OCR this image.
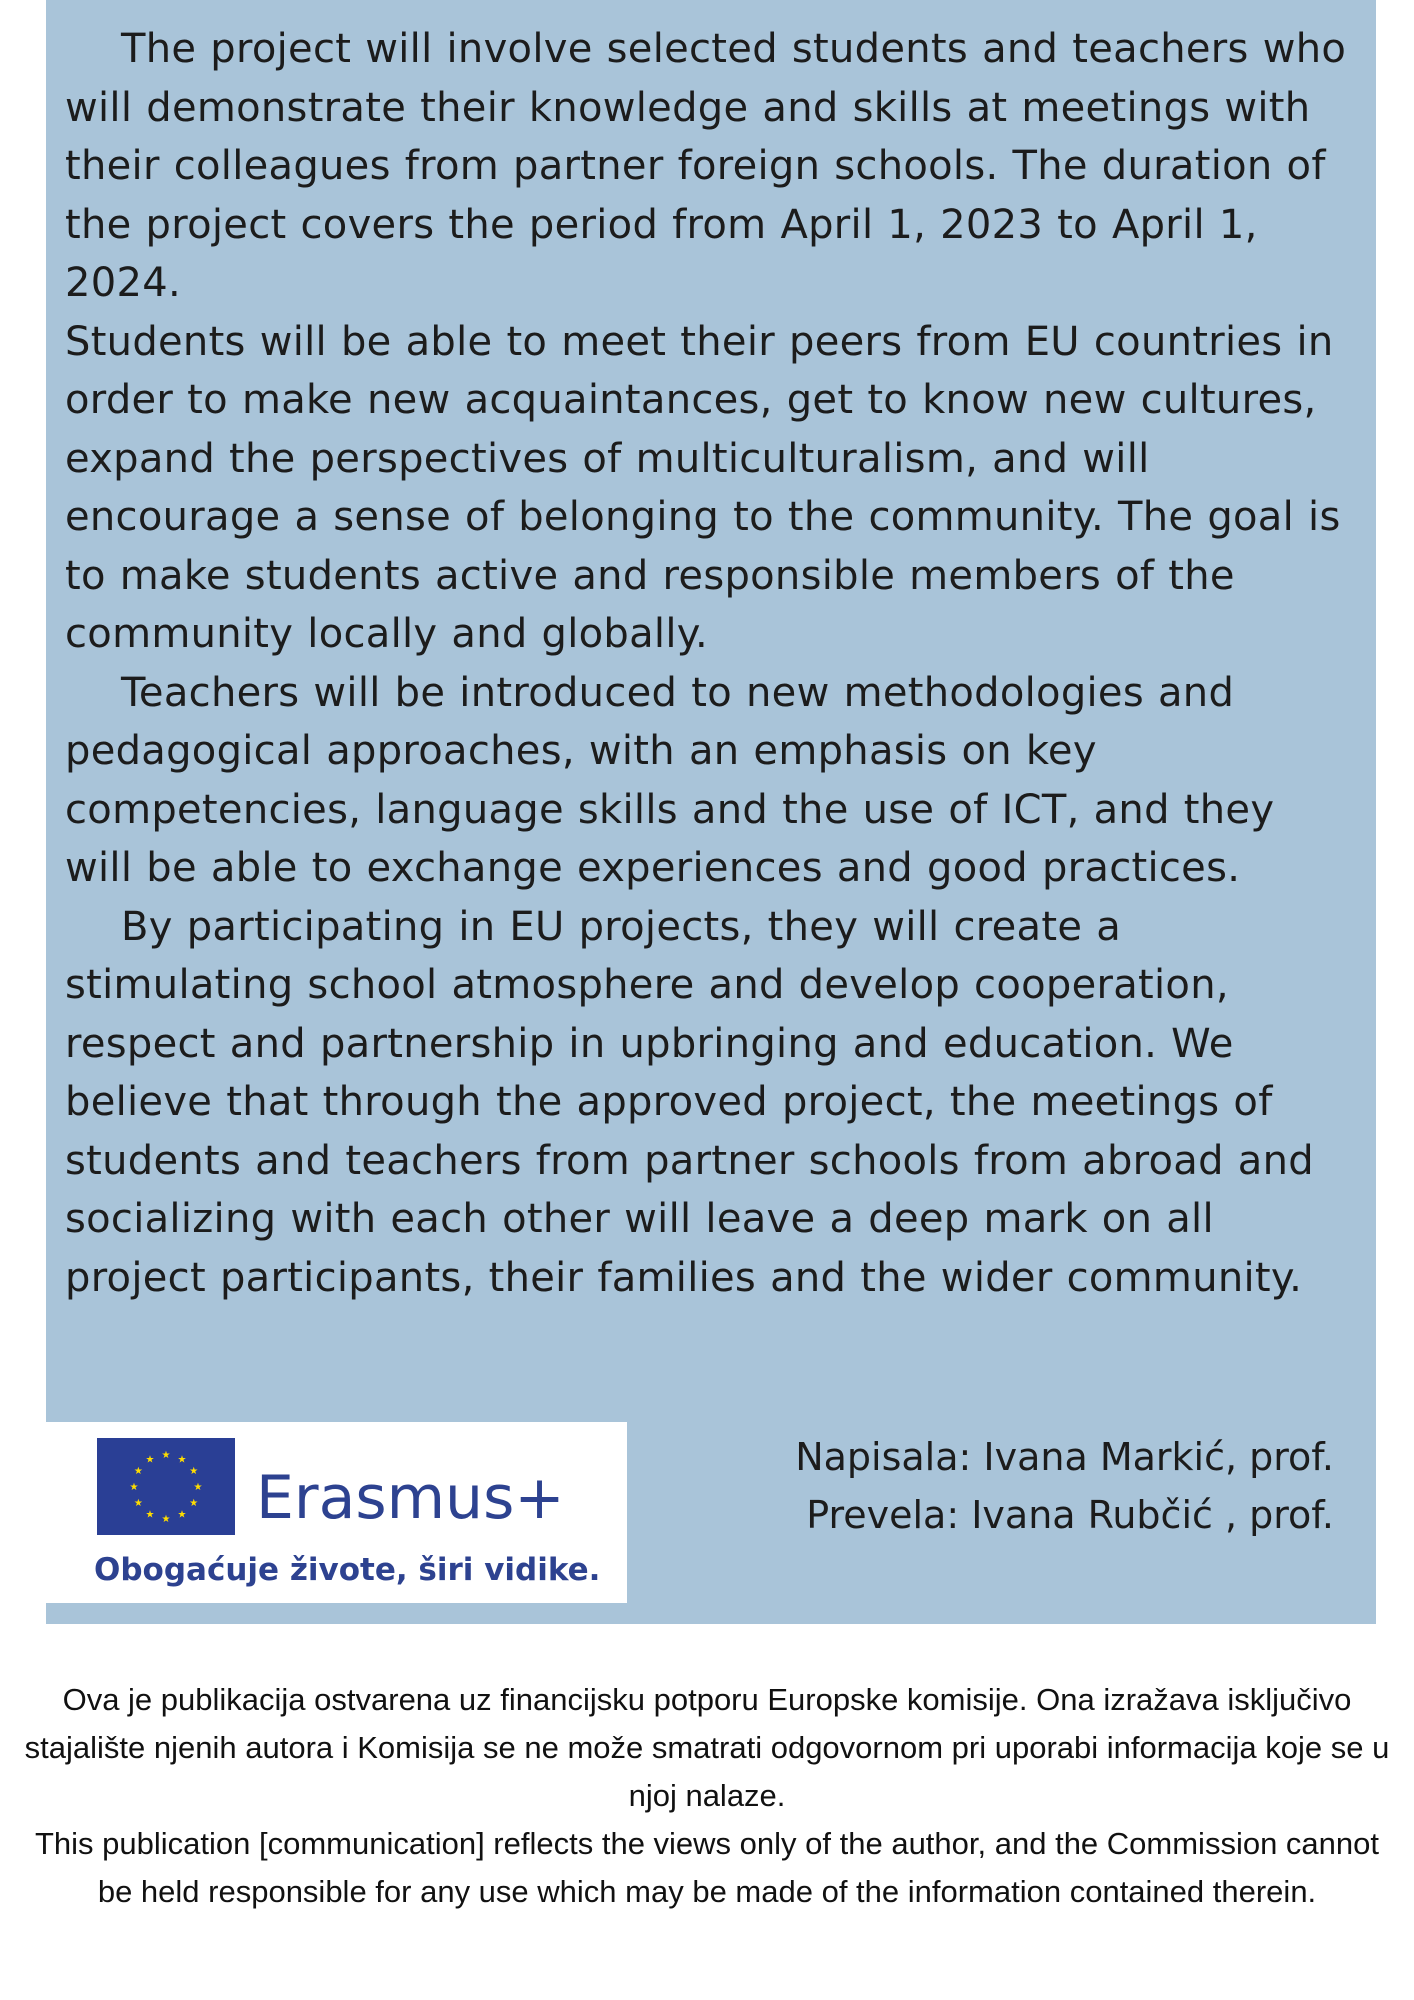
The project will involve selected students and teachers who will demonstrate their knowledge and skills at meetings with their colleagues from partner foreign schools. The duration of the project covers the period from April 1, 2023 to April 1, 2024.

Students will be able to meet their peers from EU countries in order to make new acquaintances, get to know new cultures, expand the perspectives of multiculturalism, and will encourage a sense of belonging to the community. The goal is to make students active and responsible members of the community locally and globally.

Teachers will be introduced to new methodologies and pedagogical approaches, with an emphasis on key competencies, language skills and the use of ICT, and they will be able to exchange experiences and good practices.

By participating in EU projects, they will create a stimulating school atmosphere and develop cooperation, respect and partnership in upbringing and education. We believe that through the approved project, the meetings of students and teachers from partner schools from abroad and socializing with each other will leave a deep mark on all project participants, their families and the wider community.

★ ★
★
★
★
★
★
★
★
★
★
★
Erasmus+
Obogaćuje živote, širi vidike.
Napisala: Ivana Markić, prof.
Prevela: Ivana Rubčić , prof.

Ova je publikacija ostvarena uz financijsku potporu Europske komisije. Ona izražava isključivo stajalište njenih autora i Komisija se ne može smatrati odgovornom pri uporabi informacija koje se u njoj nalaze.

This publication [communication] reflects the views only of the author, and the Commission cannot be held responsible for any use which may be made of the information contained therein.
